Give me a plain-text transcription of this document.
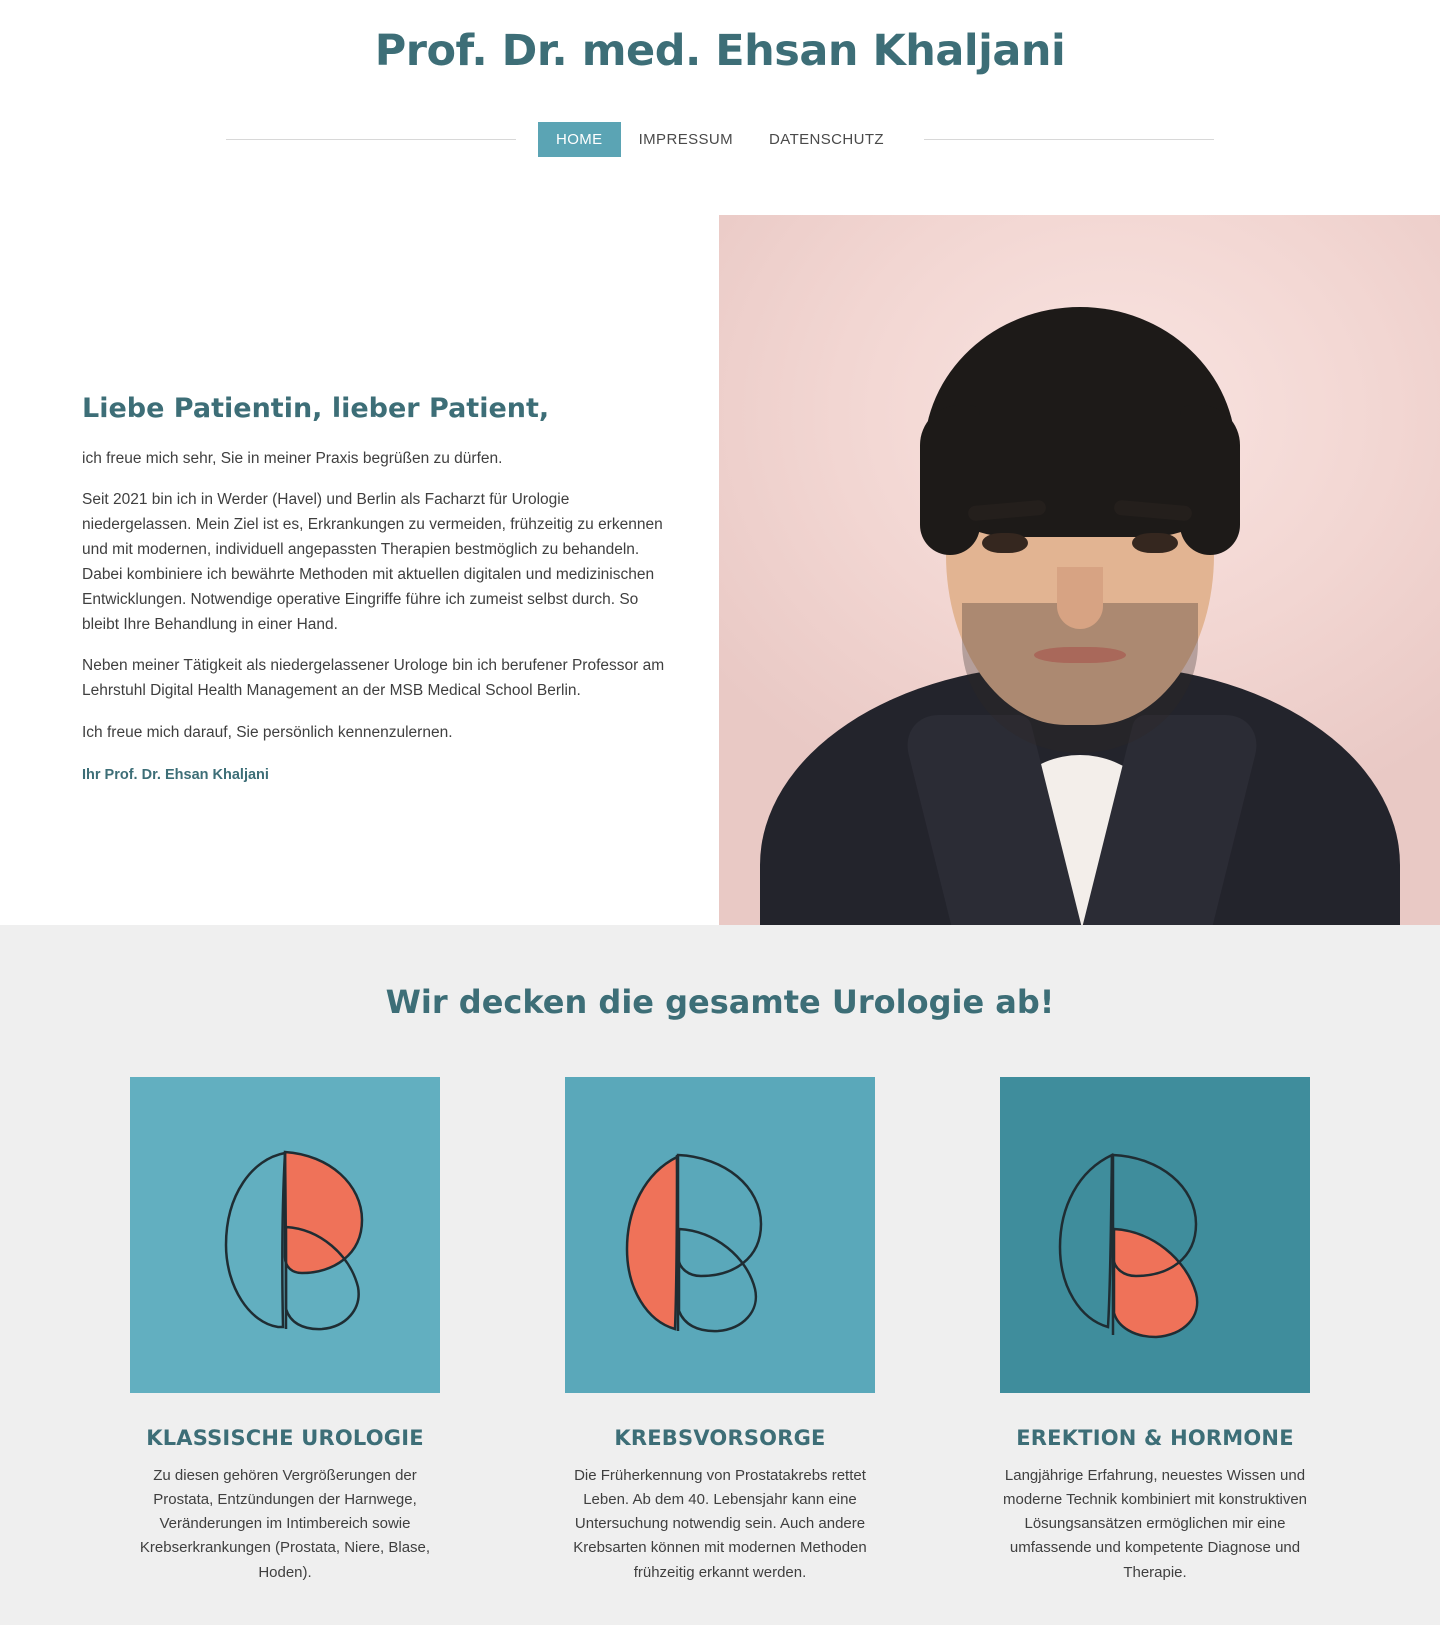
Prof. Dr. med. Ehsan Khaljani
HOME	IMPRESSUM	DATENSCHUTZ
Liebe Patientin, lieber Patient,

ich freue mich sehr, Sie in meiner Praxis begrüßen zu dürfen.

Seit 2021 bin ich in Werder (Havel) und Berlin als Facharzt für Urologie niedergelassen. Mein Ziel ist es, Erkrankungen zu vermeiden, frühzeitig zu erkennen und mit modernen, individuell angepassten Therapien bestmöglich zu behandeln. Dabei kombiniere ich bewährte Methoden mit aktuellen digitalen und medizinischen Entwicklungen. Notwendige operative Eingriffe führe ich zumeist selbst durch. So bleibt Ihre Behandlung in einer Hand.

Neben meiner Tätigkeit als niedergelassener Urologe bin ich berufener Professor am Lehrstuhl Digital Health Management an der MSB Medical School Berlin.

Ich freue mich darauf, Sie persönlich kennenzulernen.

Ihr Prof. Dr. Ehsan Khaljani
Wir decken die gesamte Urologie ab!
KLASSISCHE UROLOGIE

Zu diesen gehören Vergrößerungen der Prostata, Entzündungen der Harnwege, Veränderungen im Intimbereich sowie Krebserkrankungen (Prostata, Niere, Blase, Hoden).

KREBSVORSORGE

Die Früherkennung von Prostatakrebs rettet Leben. Ab dem 40. Lebensjahr kann eine Untersuchung notwendig sein. Auch andere Krebsarten können mit modernen Methoden frühzeitig erkannt werden.

EREKTION & HORMONE

Langjährige Erfahrung, neuestes Wissen und moderne Technik kombiniert mit konstruktiven Lösungsansätzen ermöglichen mir eine umfassende und kompetente Diagnose und Therapie.
